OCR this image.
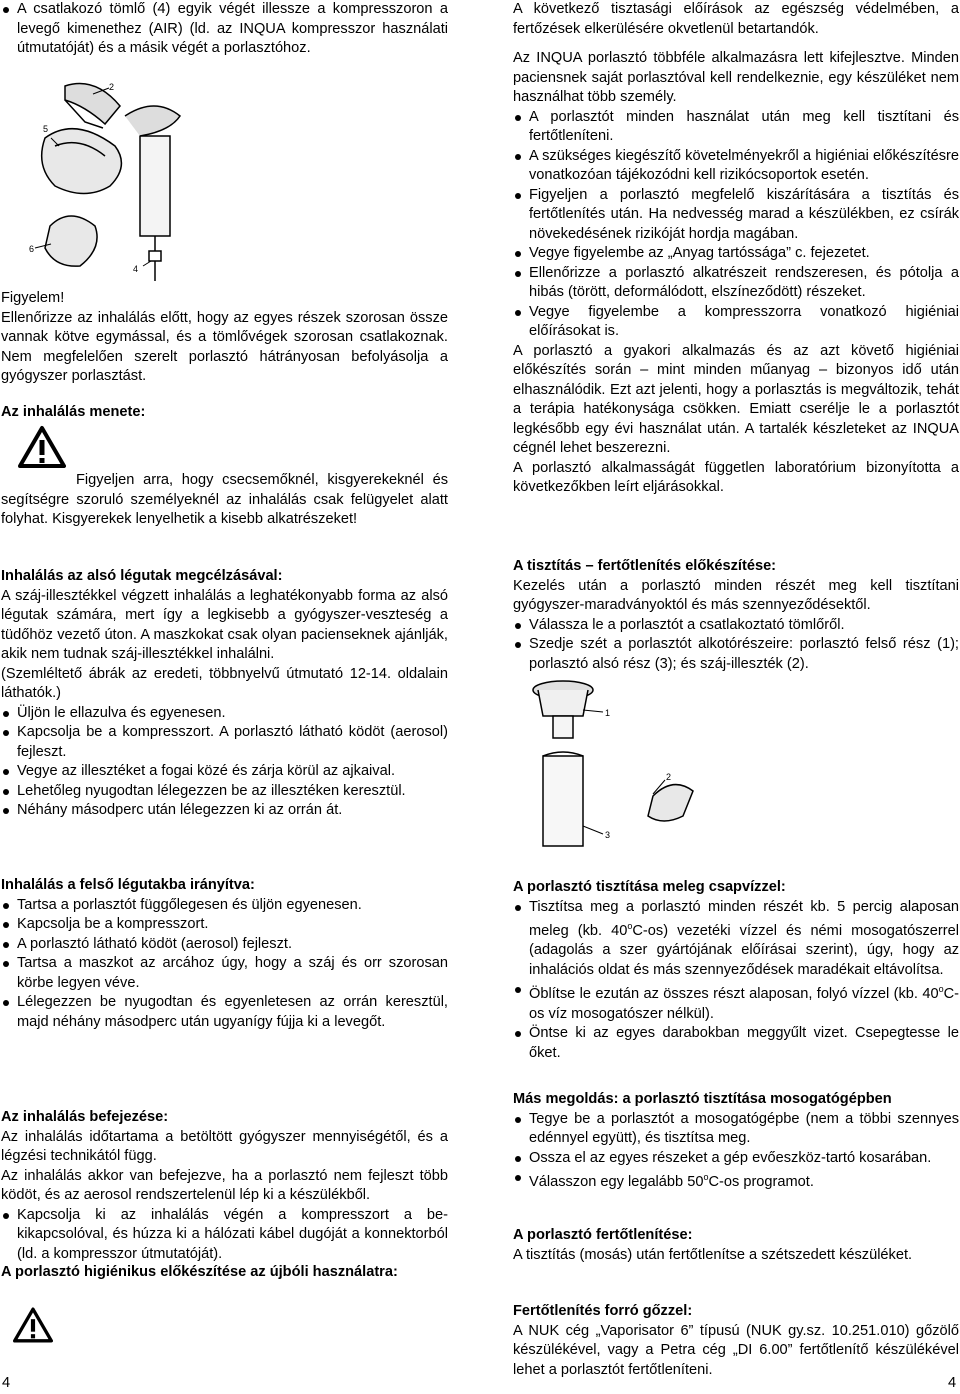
A csatlakozó tömlő (4) egyik végét illessze a kompresszoron a levegő kimenethez (AIR) (ld. az INQUA kompresszor használati útmutatóját) és a másik végét a porlasztóhoz.
2
5
6
4

Figyelem!

Ellenőrizze az inhalálás előtt, hogy az egyes részek szorosan össze vannak kötve egymással, és a tömlővégek szorosan csatlakoznak. Nem megfelelően szerelt porlasztó hátrányosan befolyásolja a gyógyszer porlasztást.

Az inhalálás menete:

Figyeljen arra, hogy csecsemőknél, kisgyerekeknél és segítségre szoruló személyeknél az inhalálás csak felügyelet alatt folyhat. Kisgyerekek lenyelhetik a kisebb alkatrészeket!

Inhalálás az alsó légutak megcélzásával:

A száj-illesztékkel végzett inhalálás a leghatékonyabb forma az alsó légutak számára, mert így a legkisebb a gyógyszer-veszteség a tüdőhöz vezető úton. A maszkokat csak olyan pacienseknek ajánlják, akik nem tudnak száj-illesztékkel inhalálni.

(Szemléltető ábrák az eredeti, többnyelvű útmutató 12-14. oldalain láthatók.)

Üljön le ellazulva és egyenesen.
Kapcsolja be a kompresszort. A porlasztó látható ködöt (aerosol) fejleszt.
Vegye az illesztéket a fogai közé és zárja körül az ajkaival.
Lehetőleg nyugodtan lélegezzen be az illesztéken keresztül.
Néhány másodperc után lélegezzen ki az orrán át.

Inhalálás a felső légutakba irányítva:

Tartsa a porlasztót függőlegesen és üljön egyenesen.
Kapcsolja be a kompresszort.
A porlasztó látható ködöt (aerosol) fejleszt.
Tartsa a maszkot az arcához úgy, hogy a száj és orr szorosan körbe legyen véve.
Lélegezzen be nyugodtan és egyenletesen az orrán keresztül, majd néhány másodperc után ugyanígy fújja ki a levegőt.

Az inhalálás befejezése:

Az inhalálás időtartama a betöltött gyógyszer mennyiségétől, és a légzési technikától függ.

Az inhalálás akkor van befejezve, ha a porlasztó nem fejleszt több ködöt, és az aerosol rendszertelenül lép ki a készülékből.

Kapcsolja ki az inhalálás végén a kompresszort a be-kikapcsolóval, és húzza ki a hálózati kábel dugóját a konnektorból (ld. a kompresszor útmutatóját).

A porlasztó higiénikus előkészítése az újbóli használatra:

4

A következő tisztasági előírások az egészség védelmében, a fertőzések elkerülésére okvetlenül betartandók.

Az INQUA porlasztó többféle alkalmazásra lett kifejlesztve. Minden paciensnek saját porlasztóval kell rendelkeznie, egy készüléket nem használhat több személy.

A porlasztót minden használat után meg kell tisztítani és fertőtleníteni.
A szükséges kiegészítő követelményekről a higiéniai előkészítésre vonatkozóan tájékozódni kell rizikócsoportok esetén.
Figyeljen a porlasztó megfelelő kiszárítására a tisztítás és fertőtlenítés után. Ha nedvesség marad a készülékben, ez csírák növekedésének rizikóját hordja magában.
Vegye figyelembe az „Anyag tartóssága” c. fejezetet.
Ellenőrizze a porlasztó alkatrészeit rendszeresen, és pótolja a hibás (törött, deformálódott, elszíneződött) részeket.
Vegye figyelembe a kompresszorra vonatkozó higiéniai előírásokat is.

A porlasztó a gyakori alkalmazás és az azt követő higiéniai előkészítés során – mint minden műanyag – bizonyos idő után elhasználódik. Ezt azt jelenti, hogy a porlasztás is megváltozik, tehát a terápia hatékonysága csökken. Emiatt cserélje le a porlasztót legkésőbb egy évi használat után. A tartalék készleteket az INQUA cégnél lehet beszerezni.

A porlasztó alkalmasságát független laboratórium bizonyította a következőkben leírt eljárásokkal.

A tisztítás – fertőtlenítés előkészítése:

Kezelés után a porlasztó minden részét meg kell tisztítani gyógyszer-maradványoktól és más szennyeződésektől.

Válassza le a porlasztót a csatlakoztató tömlőről.
Szedje szét a porlasztót alkotórészeire: porlasztó felső rész (1); porlasztó alsó rész (3); és száj-illeszték (2).
1
2
3

A porlasztó tisztítása meleg csapvízzel:

Tisztítsa meg a porlasztó minden részét kb. 5 percig alaposan meleg (kb. 40$^o$C-os) vezetéki vízzel és némi mosogatószerrel (adagolás a szer gyártójának előírásai szerint), úgy, hogy az inhalációs oldat és más szennyeződések maradékait eltávolítsa.
Öblítse le ezután az összes részt alaposan, folyó vízzel (kb. 40$^o$C-os víz mosogatószer nélkül).
Öntse ki az egyes darabokban meggyűlt vizet. Csepegtesse le őket.

Más megoldás: a porlasztó tisztítása mosogatógépben

Tegye be a porlasztót a mosogatógépbe (nem a többi szennyes edénnyel együtt), és tisztítsa meg.
Ossza el az egyes részeket a gép evőeszköz-tartó kosarában.
Válasszon egy legalább 50$^o$C-os programot.

A porlasztó fertőtlenítése:

A tisztítás (mosás) után fertőtlenítse a szétszedett készüléket.

Fertőtlenítés forró gőzzel:

A NUK cég „Vaporisator 6” típusú (NUK gy.sz. 10.251.010) gőzölő készülékével, vagy a Petra cég „DI 6.00” fertőtlenítő készülékével lehet a porlasztót fertőtleníteni.

4
